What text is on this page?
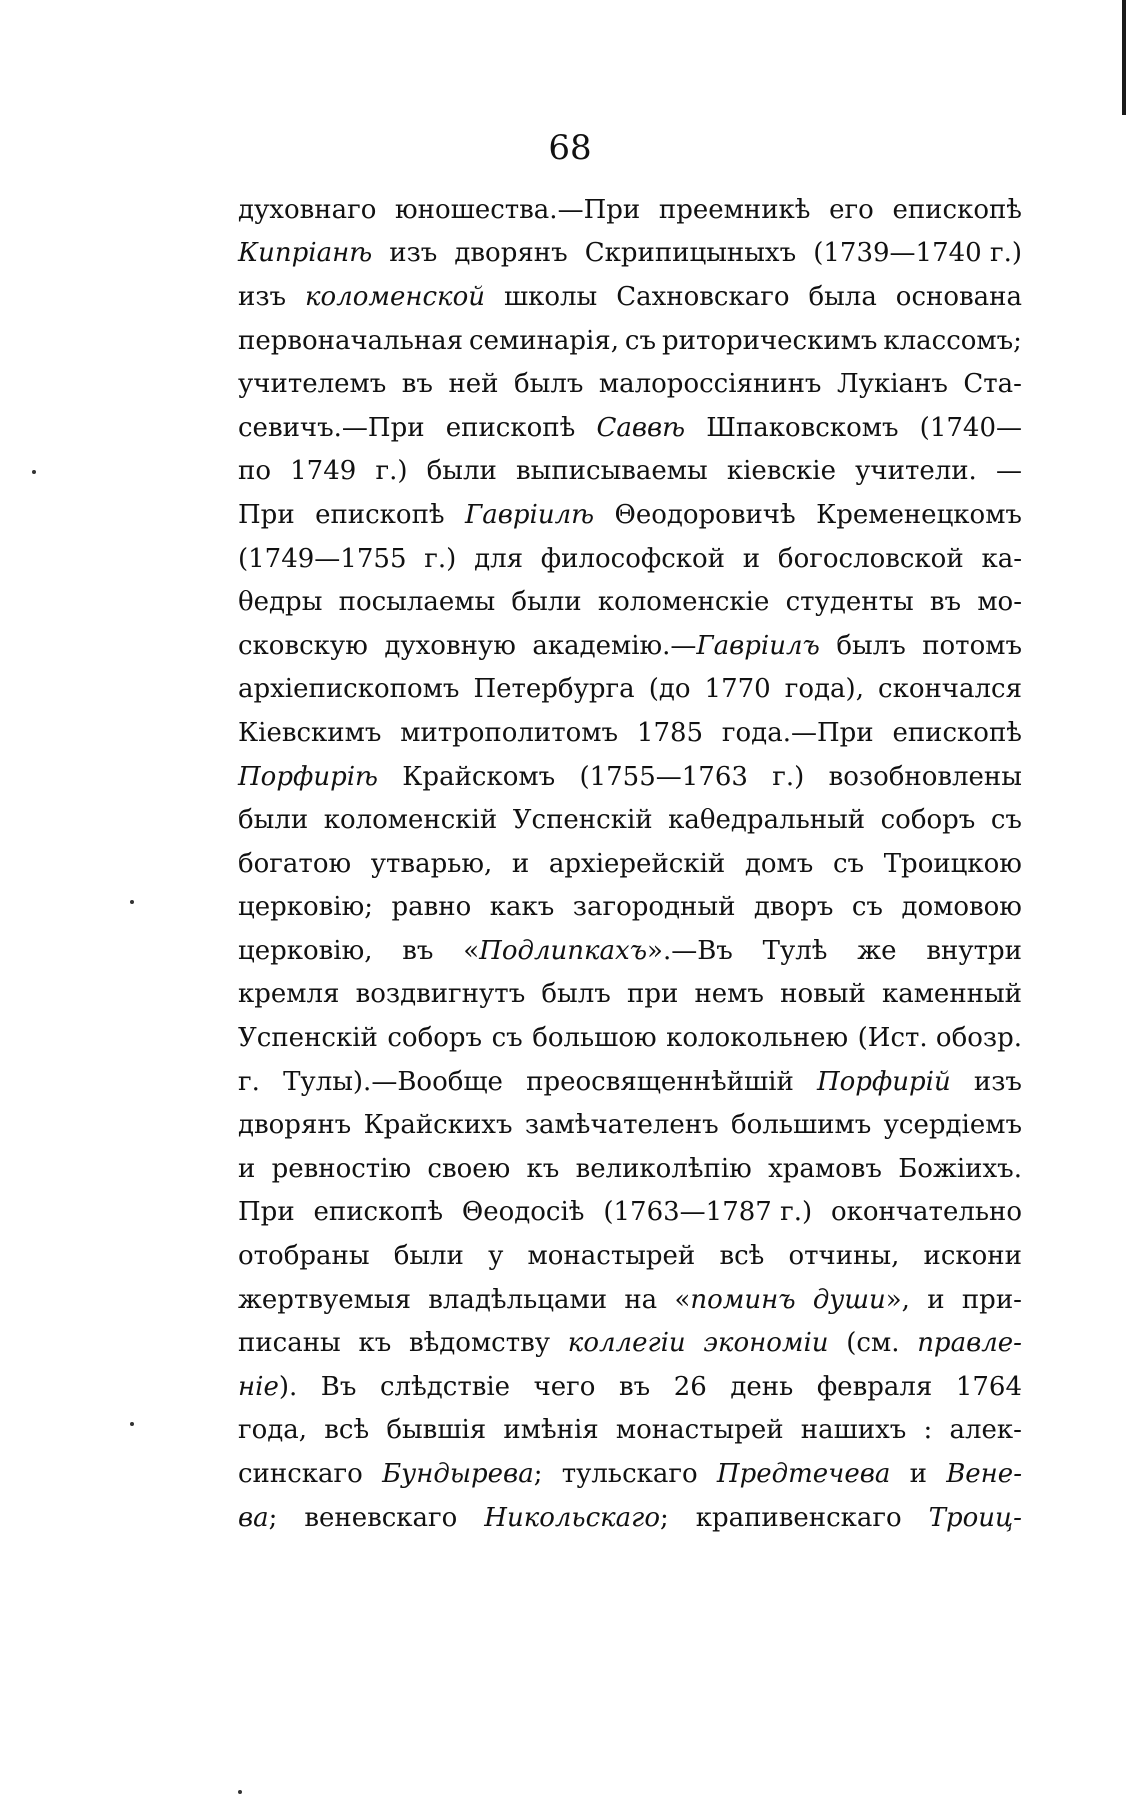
68
духовнаго юношества.—При преемникѣ его епископѣ
Кипріанѣ изъ дворянъ Скрипицыныхъ (1739—1740 г.)
изъ коломенской школы Сахновскаго была основана
первоначальная семинарія, съ риторическимъ классомъ;
учителемъ въ ней былъ малороссіянинъ Лукіанъ Ста-
севичъ.—При епископѣ Саввѣ Шпаковскомъ (1740—
по 1749 г.) были выписываемы кіевскіе учители. —
При епископѣ Гавріилѣ Θеодоровичѣ Кременецкомъ
(1749—1755 г.) для философской и богословской ка-
θедры посылаемы были коломенскіе студенты въ мо-
сковскую духовную академію.—Гавріилъ былъ потомъ
архіепископомъ Петербурга (до 1770 года), скончался
Кіевскимъ митрополитомъ 1785 года.—При епископѣ
Порфиріѣ Крайскомъ (1755—1763 г.) возобновлены
были коломенскій Успенскій каθедральный соборъ съ
богатою утварью, и архіерейскій домъ съ Троицкою
церковію; равно какъ загородный дворъ съ домовою
церковію, въ «Подлипкахъ».—Въ Тулѣ же внутри
кремля воздвигнутъ былъ при немъ новый каменный
Успенскій соборъ съ большою колокольнею (Ист. обозр.
г. Тулы).—Вообще преосвященнѣйшій Порфирій изъ
дворянъ Крайскихъ замѣчателенъ большимъ усердіемъ
и ревностію своею къ великолѣпію храмовъ Божіихъ.
При епископѣ Θеодосіѣ (1763—1787 г.) окончательно
отобраны были у монастырей всѣ отчины, искони
жертвуемыя владѣльцами на «поминъ души», и при-
писаны къ вѣдомству коллегіи экономіи (см. правле-
ніе). Въ слѣдствіе чего въ 26 день февраля 1764
года, всѣ бывшія имѣнія монастырей нашихъ : алек-
синскаго Бундырева; тульскаго Предтечева и Вене-
ва; веневскаго Никольскаго; крапивенскаго Троиц-
